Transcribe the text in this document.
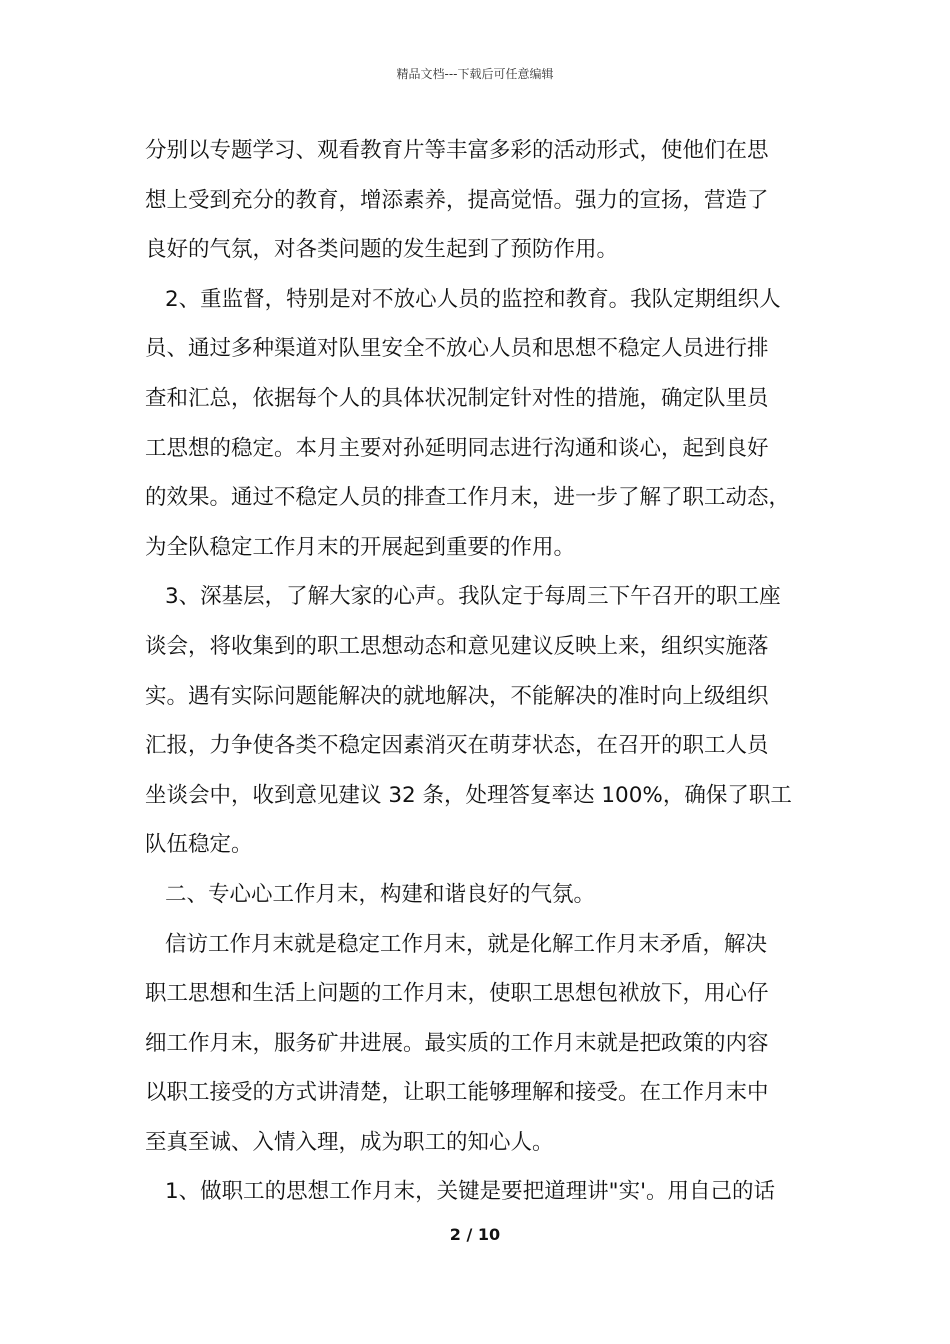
精品文档---下载后可任意编辑
分别以专题学习、观看教育片等丰富多彩的活动形式，使他们在思
想上受到充分的教育，增添素养，提高觉悟。强力的宣扬，营造了
良好的气氛，对各类问题的发生起到了预防作用。
2、重监督，特别是对不放心人员的监控和教育。我队定期组织人
员、通过多种渠道对队里安全不放心人员和思想不稳定人员进行排
查和汇总，依据每个人的具体状况制定针对性的措施，确定队里员
工思想的稳定。本月主要对孙延明同志进行沟通和谈心，起到良好
的效果。通过不稳定人员的排查工作月末，进一步了解了职工动态，
为全队稳定工作月末的开展起到重要的作用。
3、深基层，了解大家的心声。我队定于每周三下午召开的职工座
谈会，将收集到的职工思想动态和意见建议反映上来，组织实施落
实。遇有实际问题能解决的就地解决，不能解决的准时向上级组织
汇报，力争使各类不稳定因素消灭在萌芽状态，在召开的职工人员
坐谈会中，收到意见建议 32 条，处理答复率达 100%，确保了职工
队伍稳定。
二、专心心工作月末，构建和谐良好的气氛。
信访工作月末就是稳定工作月末，就是化解工作月末矛盾，解决
职工思想和生活上问题的工作月末，使职工思想包袱放下，用心仔
细工作月末，服务矿井进展。最实质的工作月末就是把政策的内容
以职工接受的方式讲清楚，让职工能够理解和接受。在工作月末中
至真至诚、入情入理，成为职工的知心人。
1、做职工的思想工作月末，关键是要把道理讲"实'。用自己的话
2 / 10
